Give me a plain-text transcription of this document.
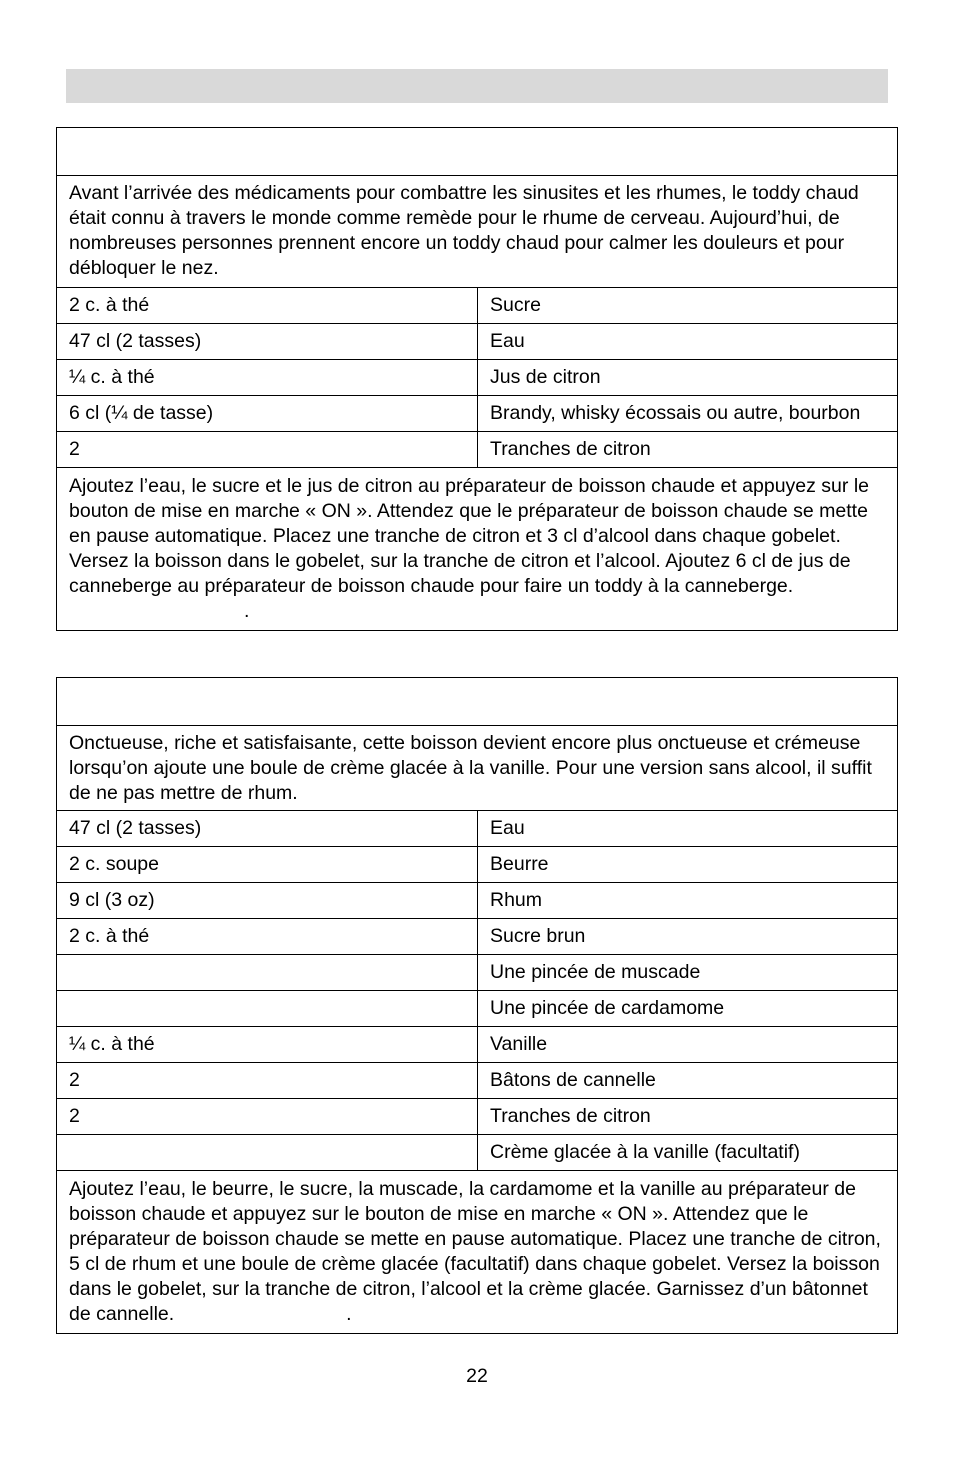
Avant l’arrivée des médicaments pour combattre les sinusites et les rhumes, le toddy chaud était connu à travers le monde comme remède pour le rhume de cerveau. Aujourd’hui, de nombreuses personnes prennent encore un toddy chaud pour calmer les douleurs et pour débloquer le nez.
2 c. à thé	Sucre
47 cl (2 tasses)	Eau
¼ c. à thé	Jus de citron
6 cl (¼ de tasse)	Brandy, whisky écossais ou autre, bourbon
2	Tranches de citron
Ajoutez l’eau, le sucre et le jus de citron au préparateur de boisson chaude et appuyez sur le bouton de mise en marche « ON ». Attendez que le préparateur de boisson chaude se mette en pause automatique. Placez une tranche de citron et 3 cl d’alcool dans chaque gobelet. Versez la boisson dans le gobelet, sur la tranche de citron et l’alcool. Ajoutez 6 cl de jus de canneberge au préparateur de boisson chaude pour faire un toddy à la canneberge..
Onctueuse, riche et satisfaisante, cette boisson devient encore plus onctueuse et crémeuse lorsqu’on ajoute une boule de crème glacée à la vanille. Pour une version sans alcool, il suffit de ne pas mettre de rhum.
47 cl (2 tasses)	Eau
2 c. soupe	Beurre
9 cl (3 oz)	Rhum
2 c. à thé	Sucre brun
	Une pincée de muscade
	Une pincée de cardamome
¼ c. à thé	Vanille
2	Bâtons de cannelle
2	Tranches de citron
	Crème glacée à la vanille (facultatif)
Ajoutez l’eau, le beurre, le sucre, la muscade, la cardamome et la vanille au préparateur de boisson chaude et appuyez sur le bouton de mise en marche « ON ». Attendez que le préparateur de boisson chaude se mette en pause automatique. Placez une tranche de citron, 5 cl de rhum et une boule de crème glacée (facultatif) dans chaque gobelet. Versez la boisson dans le gobelet, sur la tranche de citron, l’alcool et la crème glacée. Garnissez d’un bâtonnet de cannelle.	.
22
